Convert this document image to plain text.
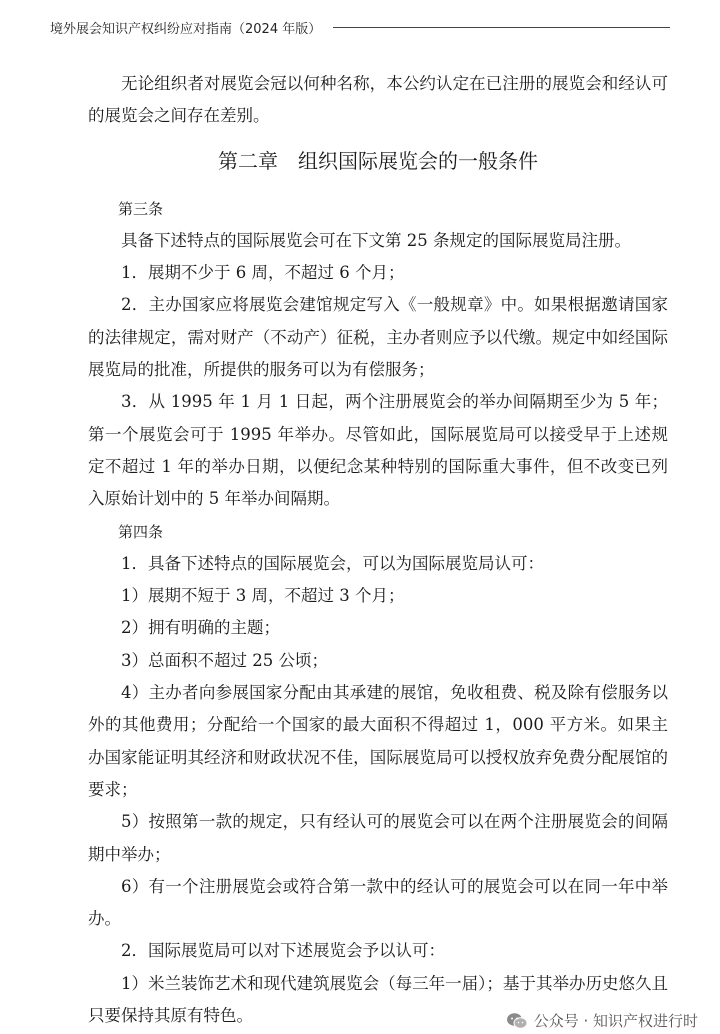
境外展会知识产权纠纷应对指南（2024 年版）

无论组织者对展览会冠以何种名称，本公约认定在已注册的展览会和经认可的展览会之间存在差别。

第二章　组织国际展览会的一般条件

第三条

具备下述特点的国际展览会可在下文第 25 条规定的国际展览局注册。

1．展期不少于 6 周，不超过 6 个月；

2．主办国家应将展览会建馆规定写入《一般规章》中。如果根据邀请国家的法律规定，需对财产（不动产）征税，主办者则应予以代缴。规定中如经国际展览局的批准，所提供的服务可以为有偿服务；

3．从 1995 年 1 月 1 日起，两个注册展览会的举办间隔期至少为 5 年；第一个展览会可于 1995 年举办。尽管如此，国际展览局可以接受早于上述规定不超过 1 年的举办日期，以便纪念某种特别的国际重大事件，但不改变已列入原始计划中的 5 年举办间隔期。

第四条

1．具备下述特点的国际展览会，可以为国际展览局认可：

1）展期不短于 3 周，不超过 3 个月；

2）拥有明确的主题；

3）总面积不超过 25 公顷；

4）主办者向参展国家分配由其承建的展馆，免收租费、税及除有偿服务以外的其他费用；分配给一个国家的最大面积不得超过 1，000 平方米。如果主办国家能证明其经济和财政状况不佳，国际展览局可以授权放弃免费分配展馆的要求；

5）按照第一款的规定，只有经认可的展览会可以在两个注册展览会的间隔期中举办；

6）有一个注册展览会或符合第一款中的经认可的展览会可以在同一年中举办。

2．国际展览局可以对下述展览会予以认可：

1）米兰装饰艺术和现代建筑展览会（每三年一届）；基于其举办历史悠久且只要保持其原有特色。	公众号 · 知识产权进行时
